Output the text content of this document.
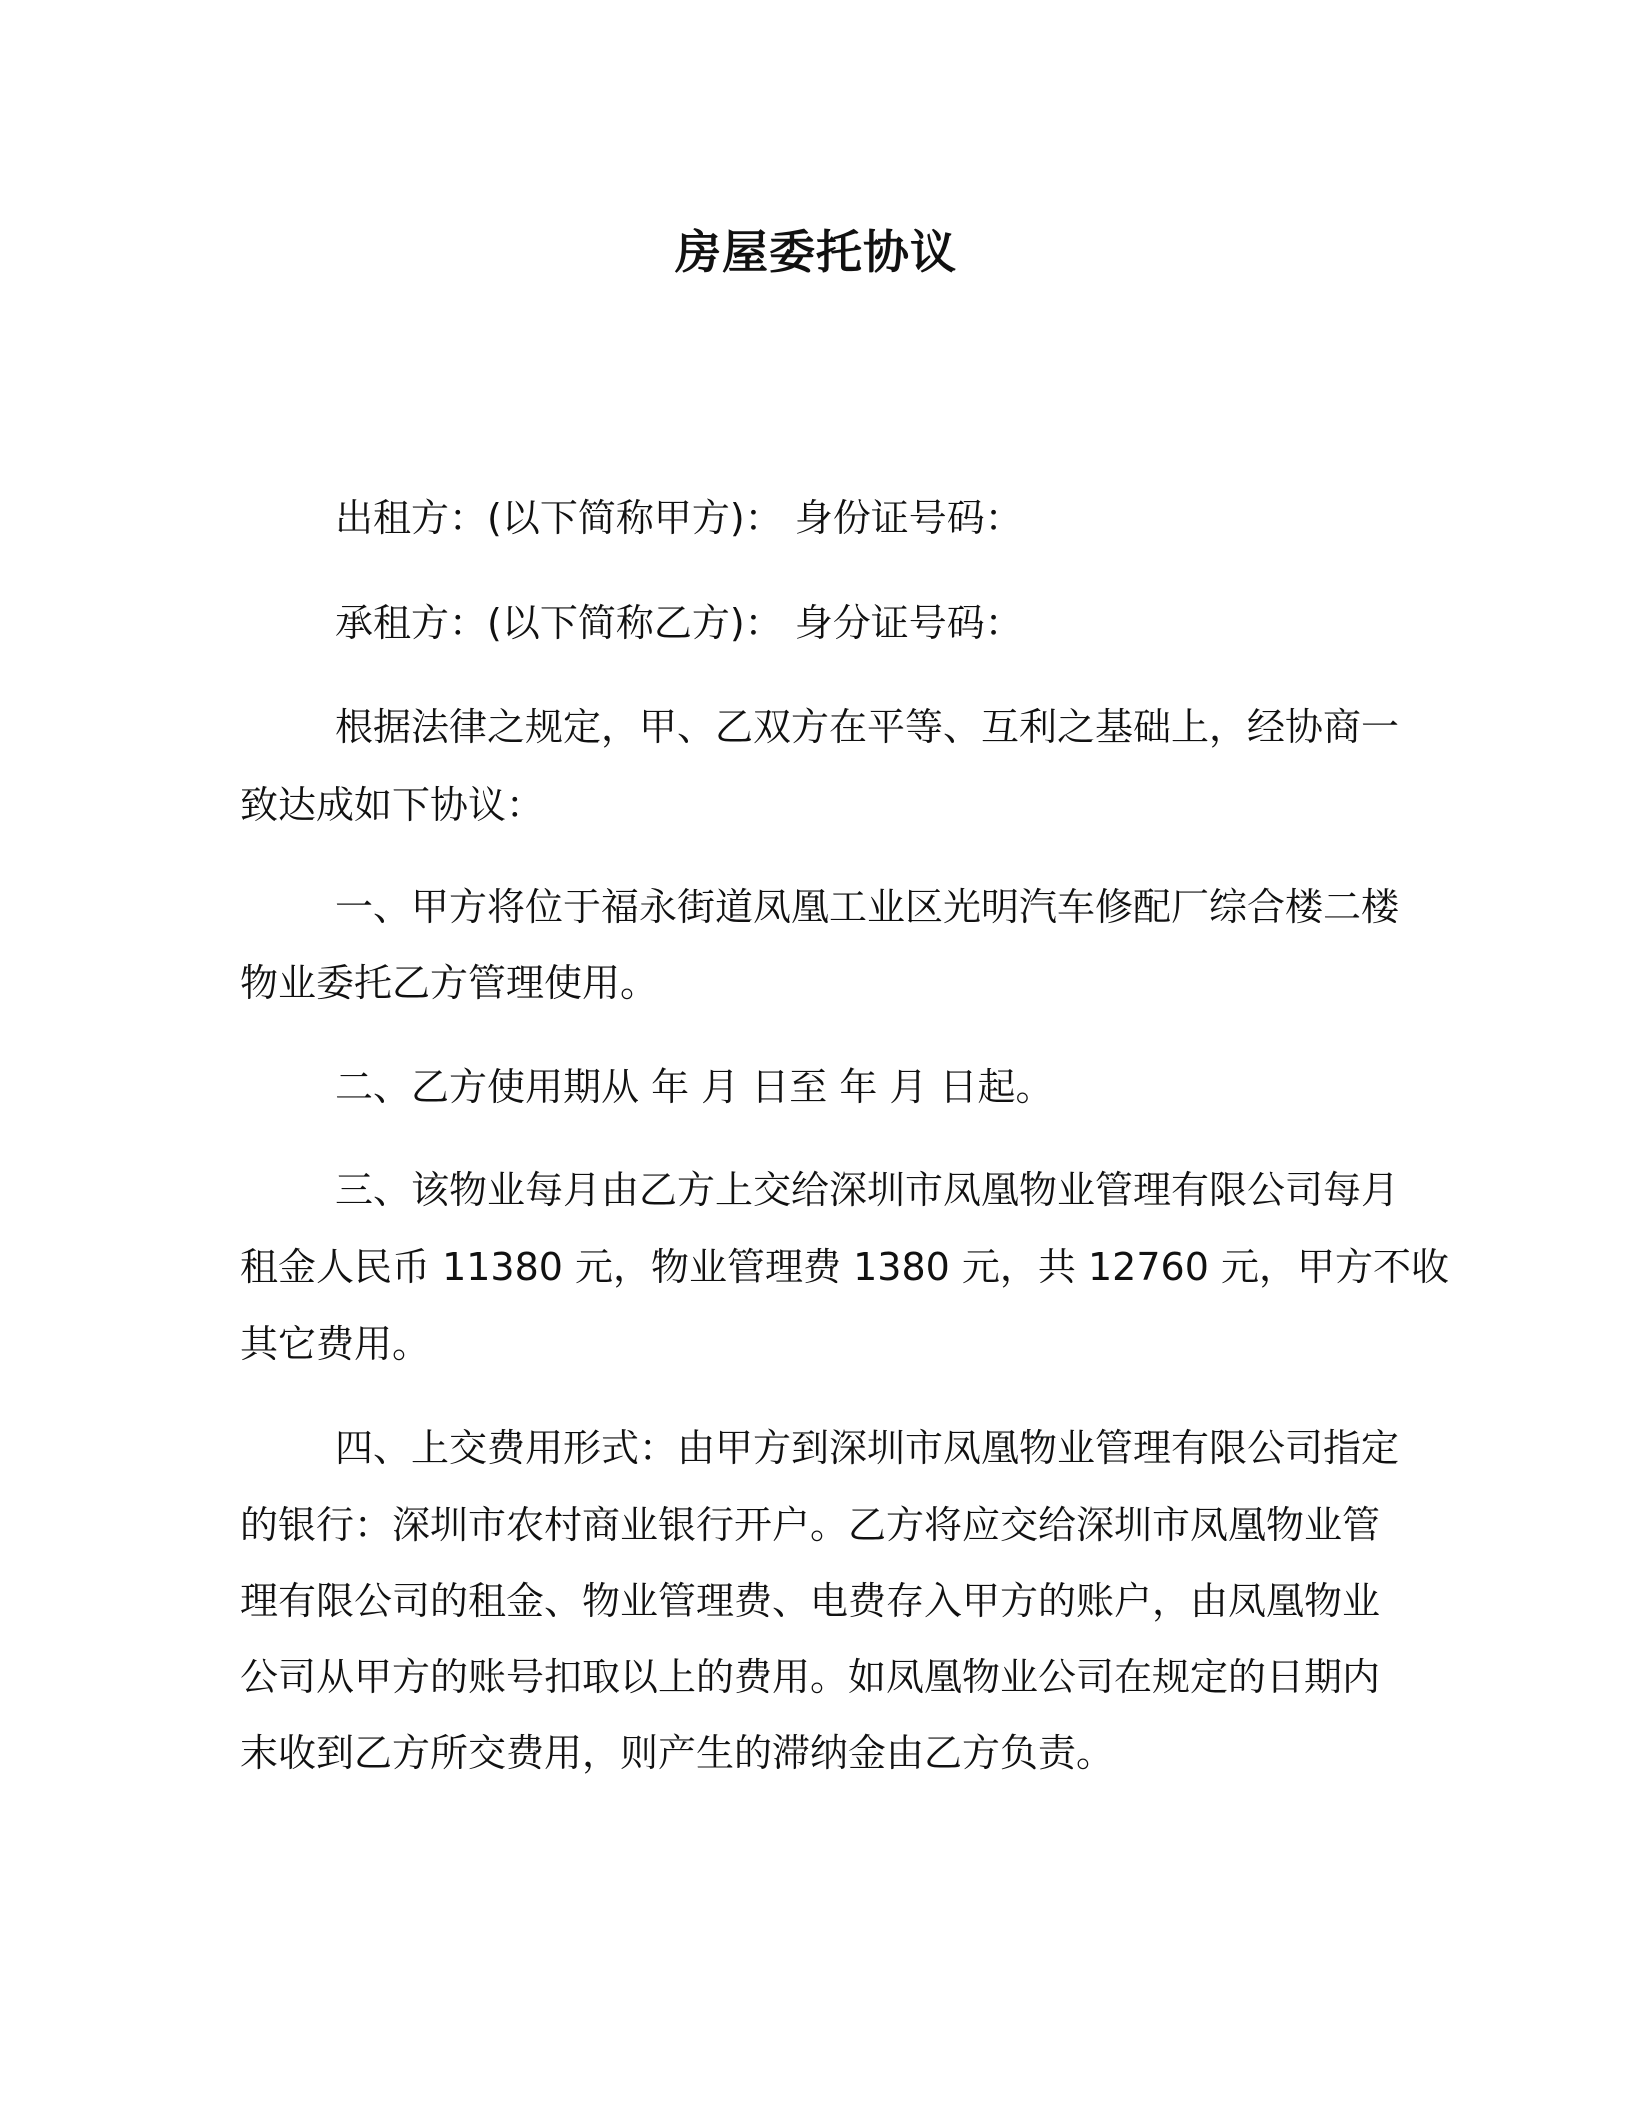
房屋委托协议
出租方：(以下简称甲方)： 身份证号码：
承租方：(以下简称乙方)： 身分证号码：
根据法律之规定，甲、乙双方在平等、互利之基础上，经协商一
致达成如下协议：
一、甲方将位于福永街道凤凰工业区光明汽车修配厂综合楼二楼
物业委托乙方管理使用。
二、乙方使用期从 年 月 日至 年 月 日起。
三、该物业每月由乙方上交给深圳市凤凰物业管理有限公司每月
租金人民币 11380 元，物业管理费 1380 元，共 12760 元，甲方不收
其它费用。
四、上交费用形式：由甲方到深圳市凤凰物业管理有限公司指定
的银行：深圳市农村商业银行开户。乙方将应交给深圳市凤凰物业管
理有限公司的租金、物业管理费、电费存入甲方的账户，由凤凰物业
公司从甲方的账号扣取以上的费用。如凤凰物业公司在规定的日期内
末收到乙方所交费用，则产生的滞纳金由乙方负责。
